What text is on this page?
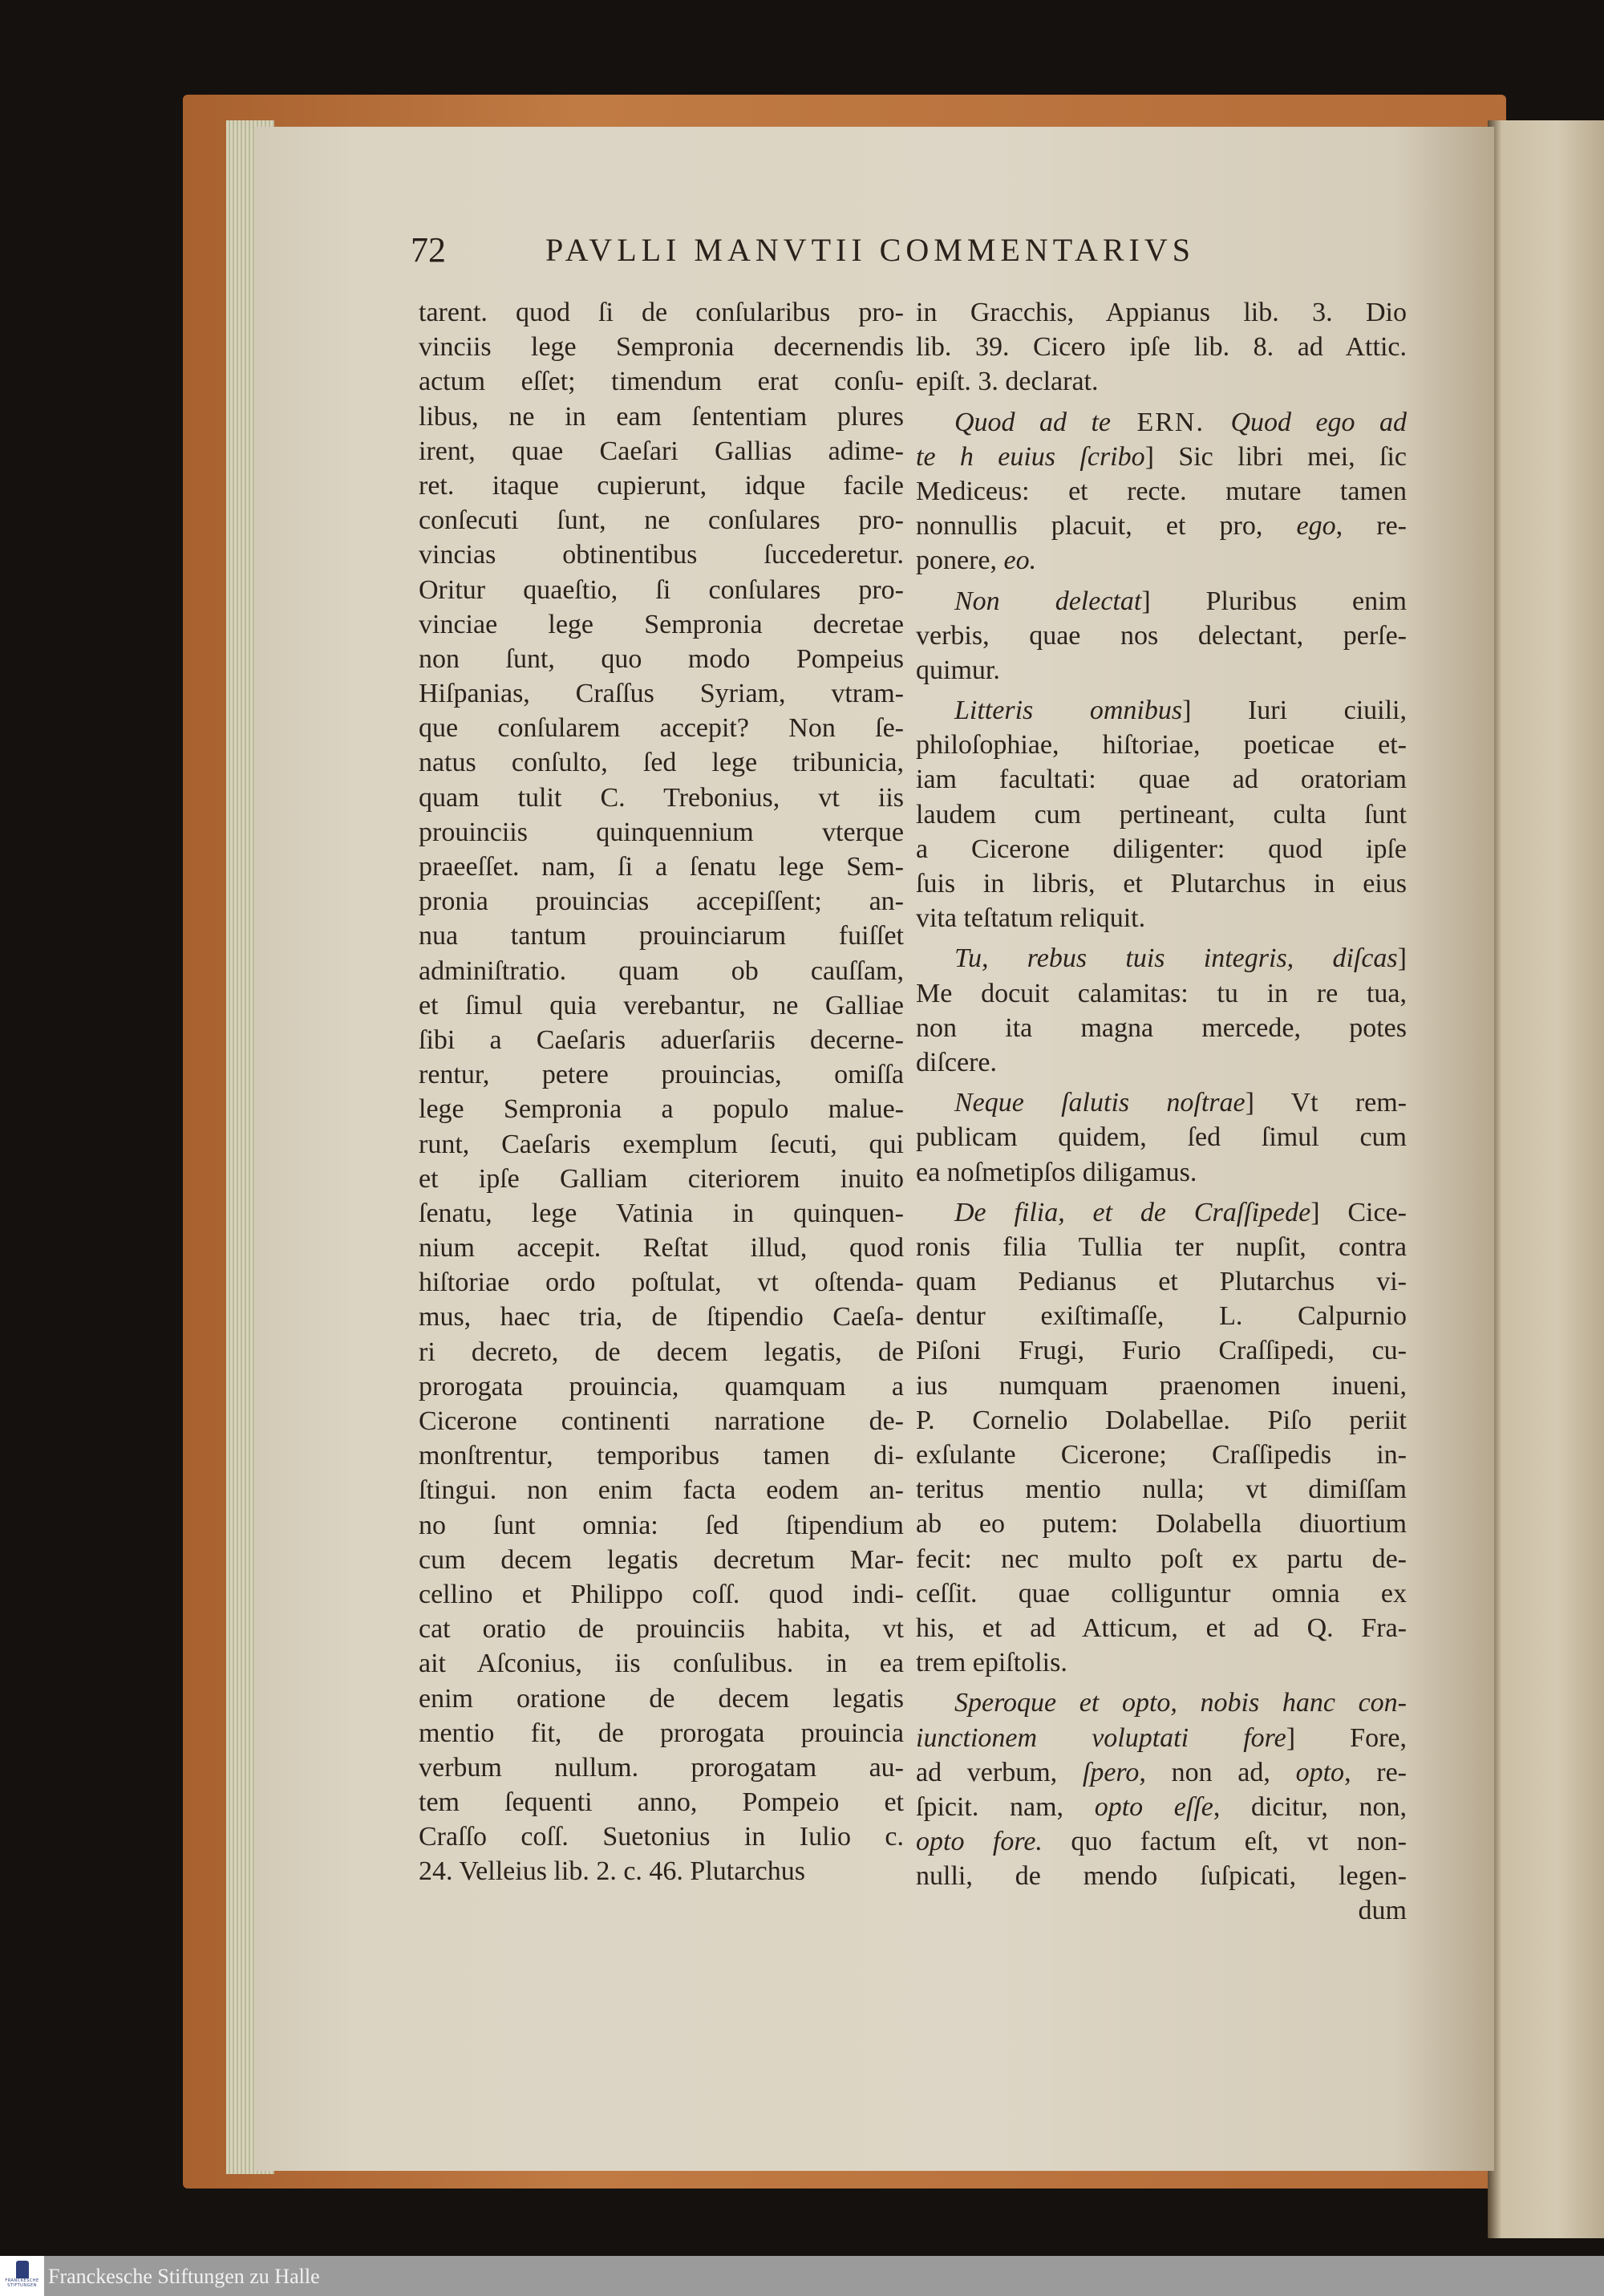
72	PAVLLI MANVTII COMMENTARIVS
tarent. quod ſi de conſularibus pro-
vinciis lege Sempronia decernendis
actum eſſet; timendum erat conſu-
libus, ne in eam ſententiam plures
irent, quae Caeſari Gallias adime-
ret. itaque cupierunt, idque facile
conſecuti ſunt, ne conſulares pro-
vincias obtinentibus ſuccederetur.
Oritur quaeſtio, ſi conſulares pro-
vinciae lege Sempronia decretae
non ſunt, quo modo Pompeius
Hiſpanias, Craſſus Syriam, vtram-
que conſularem accepit? Non ſe-
natus conſulto, ſed lege tribunicia,
quam tulit C. Trebonius, vt iis
prouinciis quinquennium vterque
praeeſſet. nam, ſi a ſenatu lege Sem-
pronia prouincias accepiſſent; an-
nua tantum prouinciarum fuiſſet
adminiſtratio. quam ob cauſſam,
et ſimul quia verebantur, ne Galliae
ſibi a Caeſaris aduerſariis decerne-
rentur, petere prouincias, omiſſa
lege Sempronia a populo malue-
runt, Caeſaris exemplum ſecuti, qui
et ipſe Galliam citeriorem inuito
ſenatu, lege Vatinia in quinquen-
nium accepit. Reſtat illud, quod
hiſtoriae ordo poſtulat, vt oſtenda-
mus, haec tria, de ſtipendio Caeſa-
ri decreto, de decem legatis, de
prorogata prouincia, quamquam a
Cicerone continenti narratione de-
monſtrentur, temporibus tamen di-
ſtingui. non enim facta eodem an-
no ſunt omnia: ſed ſtipendium
cum decem legatis decretum Mar-
cellino et Philippo coſſ. quod indi-
cat oratio de prouinciis habita, vt
ait Aſconius, iis conſulibus. in ea
enim oratione de decem legatis
mentio fit, de prorogata prouincia
verbum nullum. prorogatam au-
tem ſequenti anno, Pompeio et
Craſſo coſſ. Suetonius in Iulio c.
24. Velleius lib. 2. c. 46. Plutarchus
in Gracchis, Appianus lib. 3. Dio
lib. 39. Cicero ipſe lib. 8. ad Attic.
epiſt. 3. declarat.
Quod ad te ERN. Quod ego ad
te h euius ſcribo] Sic libri mei, ſic
Mediceus: et recte. mutare tamen
nonnullis placuit, et pro, ego, re-
ponere, eo.
Non delectat] Pluribus enim
verbis, quae nos delectant, perſe-
quimur.
Litteris omnibus] Iuri ciuili,
philoſophiae, hiſtoriae, poeticae et-
iam facultati: quae ad oratoriam
laudem cum pertineant, culta ſunt
a Cicerone diligenter: quod ipſe
ſuis in libris, et Plutarchus in eius
vita teſtatum reliquit.
Tu, rebus tuis integris, diſcas]
Me docuit calamitas: tu in re tua,
non ita magna mercede, potes
diſcere.
Neque ſalutis noſtrae] Vt rem-
publicam quidem, ſed ſimul cum
ea noſmetipſos diligamus.
De filia, et de Craſſipede] Cice-
ronis filia Tullia ter nupſit, contra
quam Pedianus et Plutarchus vi-
dentur exiſtimaſſe, L. Calpurnio
Piſoni Frugi, Furio Craſſipedi, cu-
ius numquam praenomen inueni,
P. Cornelio Dolabellae. Piſo periit
exſulante Cicerone; Craſſipedis in-
teritus mentio nulla; vt dimiſſam
ab eo putem: Dolabella diuortium
fecit: nec multo poſt ex partu de-
ceſſit. quae colliguntur omnia ex
his, et ad Atticum, et ad Q. Fra-
trem epiſtolis.
Speroque et opto, nobis hanc con-
iunctionem voluptati fore] Fore,
ad verbum, ſpero, non ad, opto, re-
ſpicit. nam, opto eſſe, dicitur, non,
opto fore. quo factum eſt, vt non-
nulli, de mendo ſuſpicati, legen-
dum
FRANCKESCHE
STIFTUNGEN Franckesche Stiftungen zu Halle
